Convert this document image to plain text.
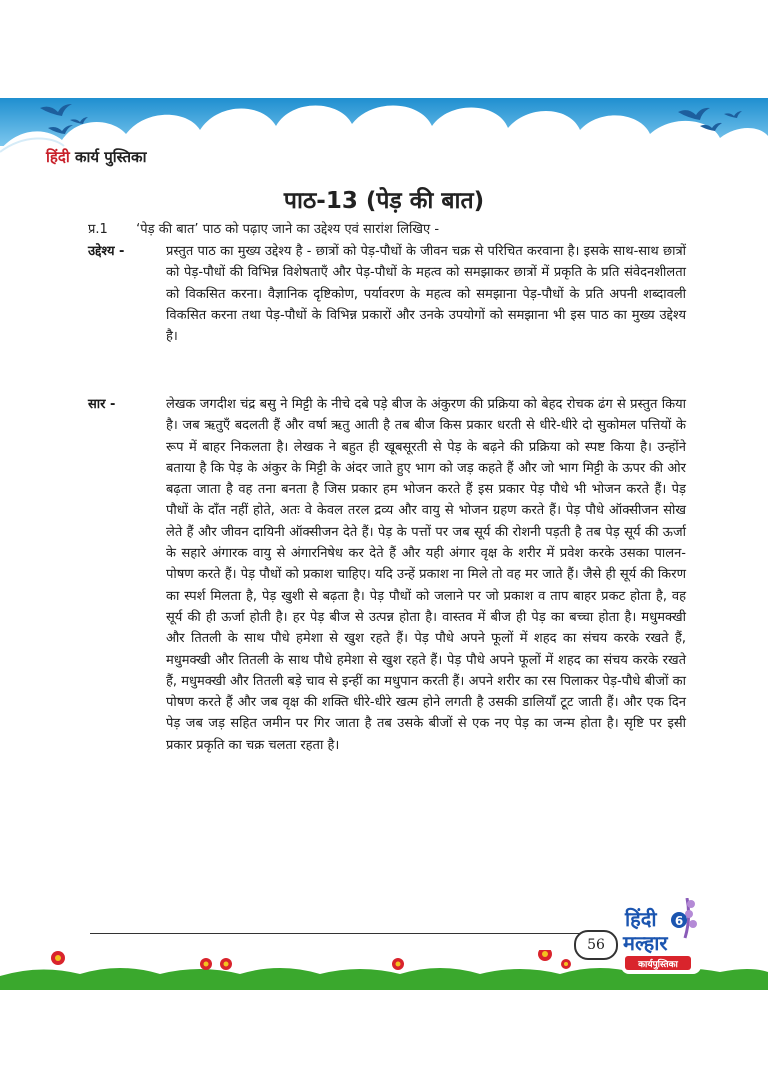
हिंदी कार्य पुस्तिका
पाठ-13 (पेड़ की बात)
प्र.1 ‘पेड़ की बात’ पाठ को पढ़ाए जाने का उद्देश्य एवं सारांश लिखिए -
उद्देश्य -	प्रस्तुत पाठ का मुख्य उद्देश्य है - छात्रों को पेड़-पौधों के जीवन चक्र से परिचित करवाना है। इसके साथ-साथ छात्रों को पेड़-पौधों की विभिन्न विशेषताएँ और पेड़-पौधों के महत्व को समझाकर छात्रों में प्रकृति के प्रति संवेदनशीलता को विकसित करना। वैज्ञानिक दृष्टिकोण, पर्यावरण के महत्व को समझाना पेड़-पौधों के प्रति अपनी शब्दावली विकसित करना तथा पेड़-पौधों के विभिन्न प्रकारों और उनके उपयोगों को समझाना भी इस पाठ का मुख्य उद्देश्य है।
सार -	लेखक जगदीश चंद्र बसु ने मिट्टी के नीचे दबे पड़े बीज के अंकुरण की प्रक्रिया को बेहद रोचक ढंग से प्रस्तुत किया है। जब ऋतुएँ बदलती हैं और वर्षा ऋतु आती है तब बीज किस प्रकार धरती से धीरे-धीरे दो सुकोमल पत्तियों के रूप में बाहर निकलता है। लेखक ने बहुत ही खूबसूरती से पेड़ के बढ़ने की प्रक्रिया को स्पष्ट किया है। उन्होंने बताया है कि पेड़ के अंकुर के मिट्टी के अंदर जाते हुए भाग को जड़ कहते हैं और जो भाग मिट्टी के ऊपर की ओर बढ़ता जाता है वह तना बनता है जिस प्रकार हम भोजन करते हैं इस प्रकार पेड़ पौधे भी भोजन करते हैं। पेड़ पौधों के दाँत नहीं होते, अतः वे केवल तरल द्रव्य और वायु से भोजन ग्रहण करते हैं। पेड़ पौधे ऑक्सीजन सोख लेते हैं और जीवन दायिनी ऑक्सीजन देते हैं। पेड़ के पत्तों पर जब सूर्य की रोशनी पड़ती है तब पेड़ सूर्य की ऊर्जा के सहारे अंगारक वायु से अंगारनिषेध कर देते हैं और यही अंगार वृक्ष के शरीर में प्रवेश करके उसका पालन-पोषण करते हैं। पेड़ पौधों को प्रकाश चाहिए। यदि उन्हें प्रकाश ना मिले तो वह मर जाते हैं। जैसे ही सूर्य की किरण का स्पर्श मिलता है, पेड़ खुशी से बढ़ता है। पेड़ पौधों को जलाने पर जो प्रकाश व ताप बाहर प्रकट होता है, वह सूर्य की ही ऊर्जा होती है। हर पेड़ बीज से उत्पन्न होता है। वास्तव में बीज ही पेड़ का बच्चा होता है। मधुमक्खी और तितली के साथ पौधे हमेशा से खुश रहते हैं। पेड़ पौधे अपने फूलों में शहद का संचय करके रखते हैं, मधुमक्खी और तितली के साथ पौधे हमेशा से खुश रहते हैं। पेड़ पौधे अपने फूलों में शहद का संचय करके रखते हैं, मधुमक्खी और तितली बड़े चाव से इन्हीं का मधुपान करती हैं। अपने शरीर का रस पिलाकर पेड़-पौधे बीजों का पोषण करते हैं और जब वृक्ष की शक्ति धीरे-धीरे खत्म होने लगती है उसकी डालियाँ टूट जाती हैं। और एक दिन पेड़ जब जड़ सहित जमीन पर गिर जाता है तब उसके बीजों से एक नए पेड़ का जन्म होता है। सृष्टि पर इसी प्रकार प्रकृति का चक्र चलता रहता है।
56
हिंदी 6
मल्हार
कार्यपुस्तिका
